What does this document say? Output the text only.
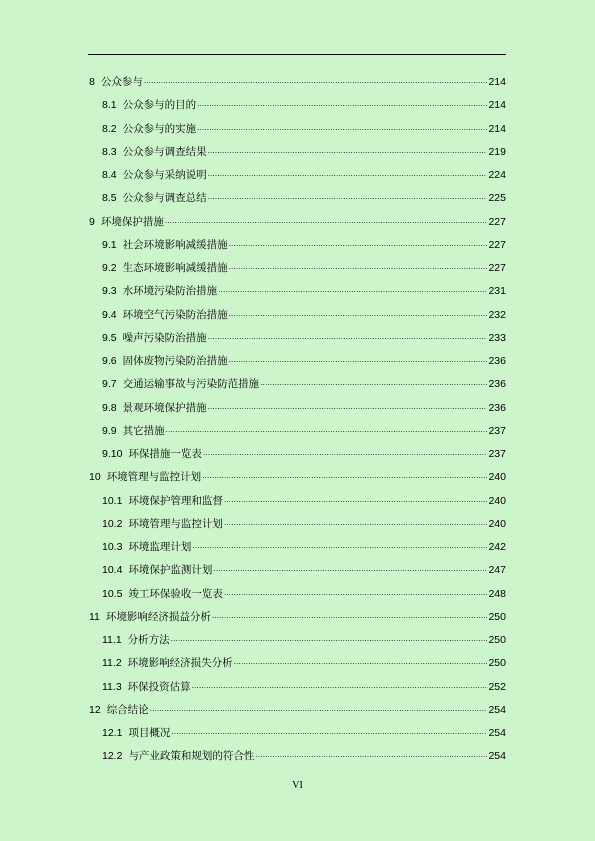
8 公众参与 .....	214
8.1 公众参与的目的 .....	214
8.2 公众参与的实施 .....	214
8.3 公众参与调查结果 .....	219
8.4 公众参与采纳说明 .....	224
8.5 公众参与调查总结 .....	225
9 环境保护措施 .....	227
9.1 社会环境影响减缓措施 .....	227
9.2 生态环境影响减缓措施 .....	227
9.3 水环境污染防治措施 .....	231
9.4 环境空气污染防治措施 .....	232
9.5 噪声污染防治措施 .....	233
9.6 固体废物污染防治措施 .....	236
9.7 交通运输事故与污染防范措施 .....	236
9.8 景观环境保护措施 .....	236
9.9 其它措施 .....	237
9.10 环保措施一览表 .....	237
10 环境管理与监控计划 .....	240
10.1 环境保护管理和监督 .....	240
10.2 环境管理与监控计划 .....	240
10.3 环境监理计划 .....	242
10.4 环境保护监测计划 .....	247
10.5 竣工环保验收一览表 .....	248
11 环境影响经济损益分析 .....	250
11.1 分析方法 .....	250
11.2 环境影响经济损失分析 .....	250
11.3 环保投资估算 .....	252
12 综合结论 .....	254
12.1 项目概况 .....	254
12.2 与产业政策和规划的符合性 .....	254
VI
